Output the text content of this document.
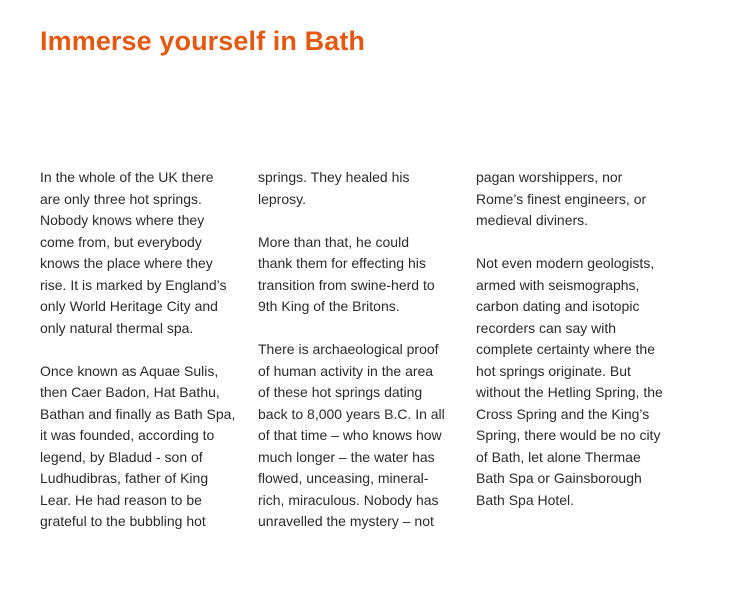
Immerse yourself in Bath

In the whole of the UK there
are only three hot springs.
Nobody knows where they
come from, but everybody
knows the place where they
rise. It is marked by England’s
only World Heritage City and
only natural thermal spa.

Once known as Aquae Sulis,
then Caer Badon, Hat Bathu,
Bathan and finally as Bath Spa,
it was founded, according to
legend, by Bladud - son of
Ludhudibras, father of King
Lear. He had reason to be
grateful to the bubbling hot

springs. They healed his
leprosy.

More than that, he could
thank them for effecting his
transition from swine-herd to
9th King of the Britons.

There is archaeological proof
of human activity in the area
of these hot springs dating
back to 8,000 years B.C. In all
of that time – who knows how
much longer – the water has
flowed, unceasing, mineral-
rich, miraculous. Nobody has
unravelled the mystery – not

pagan worshippers, nor
Rome’s finest engineers, or
medieval diviners.

Not even modern geologists,
armed with seismographs,
carbon dating and isotopic
recorders can say with
complete certainty where the
hot springs originate. But
without the Hetling Spring, the
Cross Spring and the King’s
Spring, there would be no city
of Bath, let alone Thermae
Bath Spa or Gainsborough
Bath Spa Hotel.
